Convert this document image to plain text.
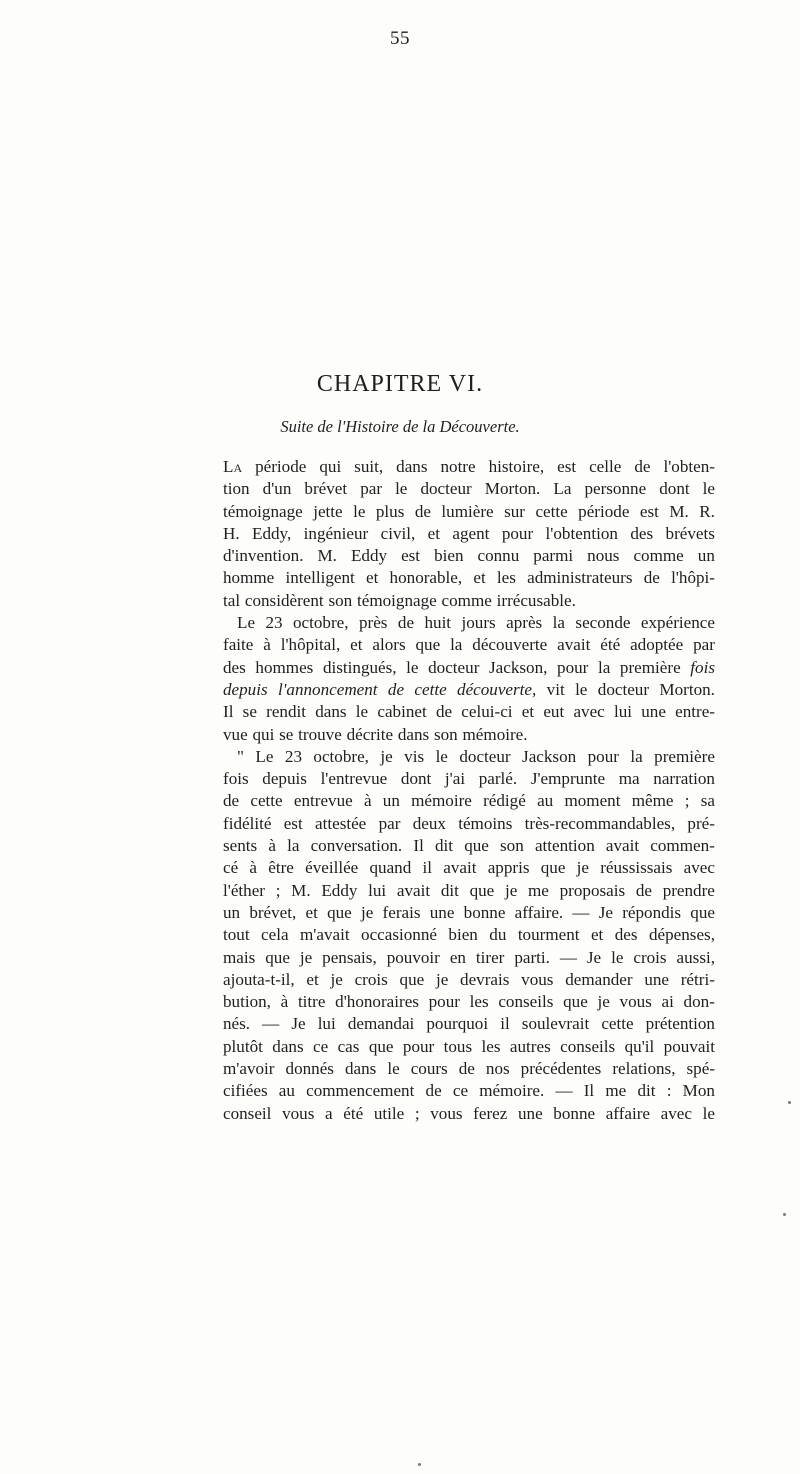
55
CHAPITRE VI.
Suite de l'Histoire de la Découverte.
La période qui suit, dans notre histoire, est celle de l'obten-
tion d'un brévet par le docteur Morton. La personne dont le
témoignage jette le plus de lumière sur cette période est M. R.
H. Eddy, ingénieur civil, et agent pour l'obtention des brévets
d'invention. M. Eddy est bien connu parmi nous comme un
homme intelligent et honorable, et les administrateurs de l'hôpi-
tal considèrent son témoignage comme irrécusable.
Le 23 octobre, près de huit jours après la seconde expérience
faite à l'hôpital, et alors que la découverte avait été adoptée par
des hommes distingués, le docteur Jackson, pour la première fois
depuis l'annoncement de cette découverte, vit le docteur Morton.
Il se rendit dans le cabinet de celui-ci et eut avec lui une entre-
vue qui se trouve décrite dans son mémoire.
" Le 23 octobre, je vis le docteur Jackson pour la première
fois depuis l'entrevue dont j'ai parlé. J'emprunte ma narration
de cette entrevue à un mémoire rédigé au moment même ; sa
fidélité est attestée par deux témoins très-recommandables, pré-
sents à la conversation. Il dit que son attention avait commen-
cé à être éveillée quand il avait appris que je réussissais avec
l'éther ; M. Eddy lui avait dit que je me proposais de prendre
un brévet, et que je ferais une bonne affaire. — Je répondis que
tout cela m'avait occasionné bien du tourment et des dépenses,
mais que je pensais, pouvoir en tirer parti. — Je le crois aussi,
ajouta-t-il, et je crois que je devrais vous demander une rétri-
bution, à titre d'honoraires pour les conseils que je vous ai don-
nés. — Je lui demandai pourquoi il soulevrait cette prétention
plutôt dans ce cas que pour tous les autres conseils qu'il pouvait
m'avoir donnés dans le cours de nos précédentes relations, spé-
cifiées au commencement de ce mémoire. — Il me dit : Mon
conseil vous a été utile ; vous ferez une bonne affaire avec le
